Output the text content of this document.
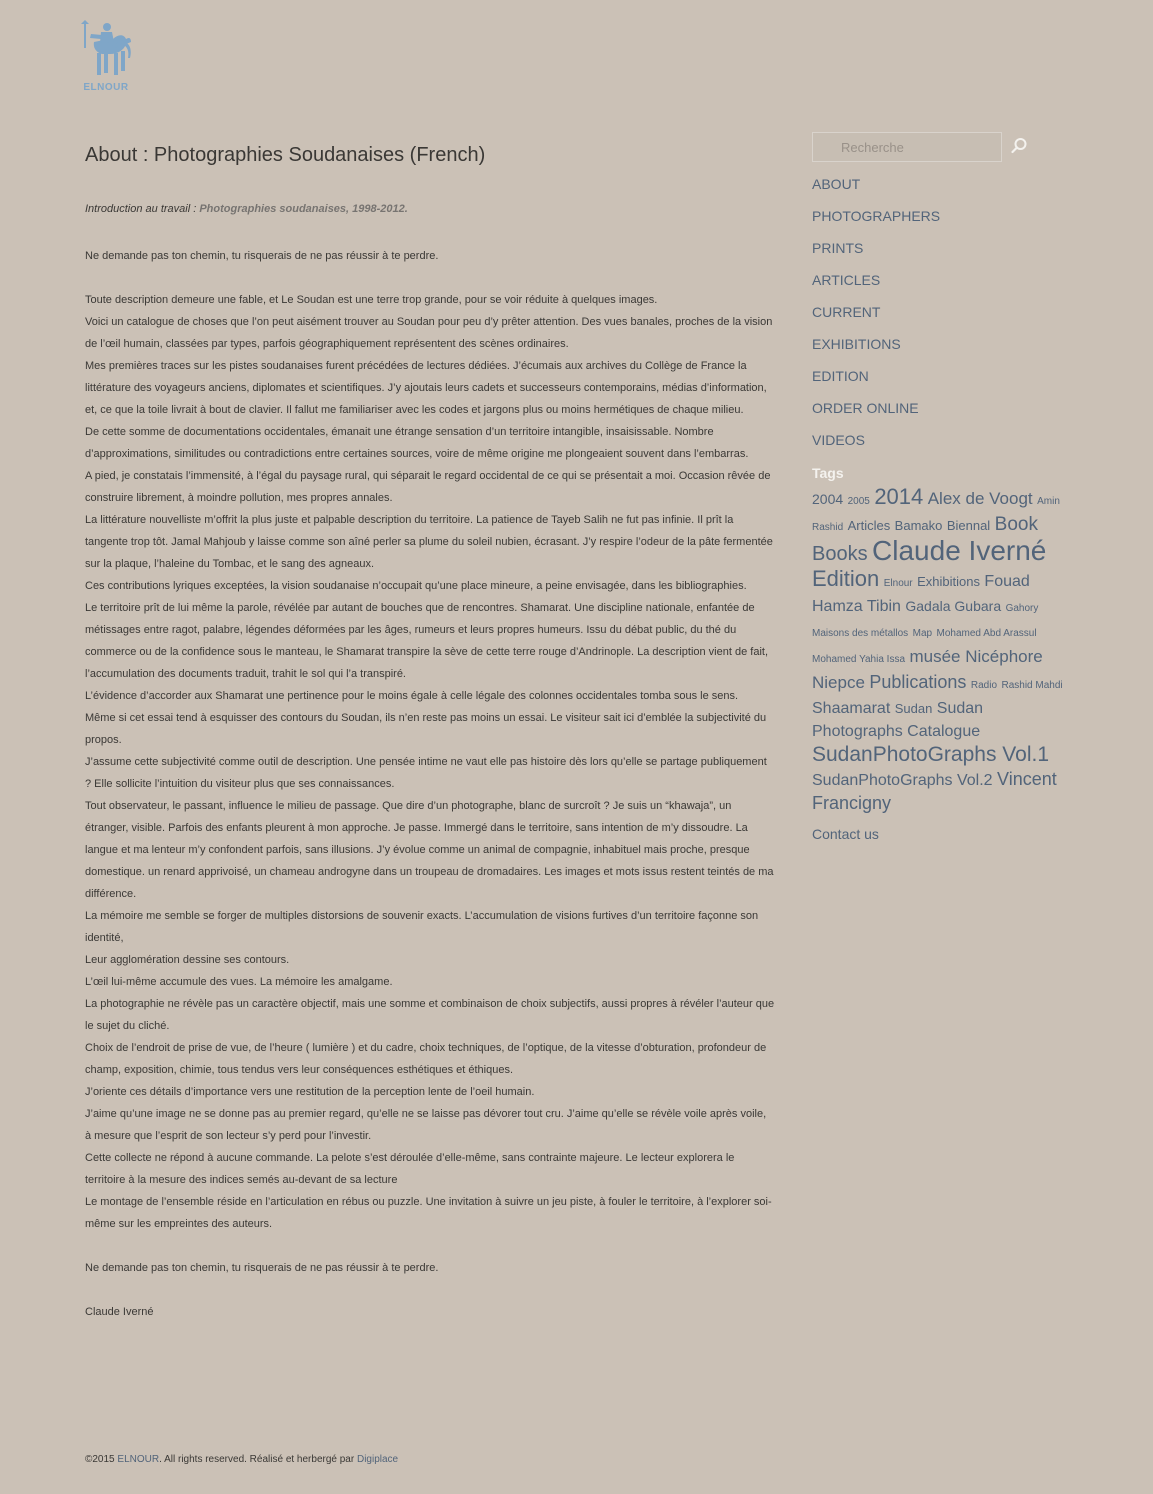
ELNOUR
About : Photographies Soudanaises (French)

Introduction au travail : Photographies soudanaises, 1998-2012.

Ne demande pas ton chemin, tu risquerais de ne pas réussir à te perdre.

Toute description demeure une fable, et Le Soudan est une terre trop grande, pour se voir réduite à quelques images.

Voici un catalogue de choses que l’on peut aisément trouver au Soudan pour peu d’y prêter attention. Des vues banales, proches de la vision de l’œil humain, classées par types, parfois géographiquement représentent des scènes ordinaires.

Mes premières traces sur les pistes soudanaises furent précédées de lectures dédiées. J’écumais aux archives du Collège de France la littérature des voyageurs anciens, diplomates et scientifiques. J’y ajoutais leurs cadets et successeurs contemporains, médias d’information, et, ce que la toile livrait à bout de clavier. Il fallut me familiariser avec les codes et jargons plus ou moins hermétiques de chaque milieu.

De cette somme de documentations occidentales, émanait une étrange sensation d’un territoire intangible, insaisissable. Nombre d’approximations, similitudes ou contradictions entre certaines sources, voire de même origine me plongeaient souvent dans l’embarras.

A pied, je constatais l’immensité, à l’égal du paysage rural, qui séparait le regard occidental de ce qui se présentait a moi. Occasion rêvée de construire librement, à moindre pollution, mes propres annales.

La littérature nouvelliste m’offrit la plus juste et palpable description du territoire. La patience de Tayeb Salih ne fut pas infinie. Il prît la tangente trop tôt. Jamal Mahjoub y laisse comme son aîné perler sa plume du soleil nubien, écrasant. J’y respire l’odeur de la pâte fermentée sur la plaque, l’haleine du Tombac, et le sang des agneaux.

Ces contributions lyriques exceptées, la vision soudanaise n’occupait qu’une place mineure, a peine envisagée, dans les bibliographies.

Le territoire prît de lui même la parole, révélée par autant de bouches que de rencontres. Shamarat. Une discipline nationale, enfantée de métissages entre ragot, palabre, légendes déformées par les âges, rumeurs et leurs propres humeurs. Issu du débat public, du thé du commerce ou de la confidence sous le manteau, le Shamarat transpire la sève de cette terre rouge d’Andrinople. La description vient de fait, l’accumulation des documents traduit, trahit le sol qui l’a transpiré.

L’évidence d’accorder aux Shamarat une pertinence pour le moins égale à celle légale des colonnes occidentales tomba sous le sens.

Même si cet essai tend à esquisser des contours du Soudan, ils n’en reste pas moins un essai. Le visiteur sait ici d’emblée la subjectivité du propos.

J’assume cette subjectivité comme outil de description. Une pensée intime ne vaut elle pas histoire dès lors qu’elle se partage publiquement ? Elle sollicite l’intuition du visiteur plus que ses connaissances.

Tout observateur, le passant, influence le milieu de passage. Que dire d’un photographe, blanc de surcroît ? Je suis un “khawaja”, un étranger, visible. Parfois des enfants pleurent à mon approche. Je passe. Immergé dans le territoire, sans intention de m’y dissoudre. La langue et ma lenteur m’y confondent parfois, sans illusions. J’y évolue comme un animal de compagnie, inhabituel mais proche, presque domestique. un renard apprivoisé, un chameau androgyne dans un troupeau de dromadaires. Les images et mots issus restent teintés de ma différence.

La mémoire me semble se forger de multiples distorsions de souvenir exacts. L’accumulation de visions furtives d’un territoire façonne son identité,

Leur agglomération dessine ses contours.

L’œil lui-même accumule des vues. La mémoire les amalgame.

La photographie ne révèle pas un caractère objectif, mais une somme et combinaison de choix subjectifs, aussi propres à révéler l’auteur que le sujet du cliché.

Choix de l’endroit de prise de vue, de l’heure ( lumière ) et du cadre, choix techniques, de l’optique, de la vitesse d’obturation, profondeur de champ, exposition, chimie, tous tendus vers leur conséquences esthétiques et éthiques.

J’oriente ces détails d’importance vers une restitution de la perception lente de l’oeil humain.

J’aime qu’une image ne se donne pas au premier regard, qu’elle ne se laisse pas dévorer tout cru. J’aime qu’elle se révèle voile après voile, à mesure que l’esprit de son lecteur s’y perd pour l’investir.

Cette collecte ne répond à aucune commande. La pelote s’est déroulée d’elle-même, sans contrainte majeure. Le lecteur explorera le territoire à la mesure des indices semés au-devant de sa lecture

Le montage de l’ensemble réside en l’articulation en rébus ou puzzle. Une invitation à suivre un jeu piste, à fouler le territoire, à l’explorer soi-même sur les empreintes des auteurs.

Ne demande pas ton chemin, tu risquerais de ne pas réussir à te perdre.

Claude Iverné

Recherche
ABOUT
PHOTOGRAPHERS
PRINTS
ARTICLES
CURRENT
EXHIBITIONS
EDITION
ORDER ONLINE
VIDEOS
Tags
2004 2005 2014 Alex de Voogt Amin Rashid Articles Bamako Biennal Book Books Claude Iverné Edition Elnour Exhibitions Fouad Hamza Tibin Gadala Gubara Gahory Maisons des métallos Map Mohamed Abd Arassul Mohamed Yahia Issa musée Nicéphore Niepce Publications Radio Rashid Mahdi Shaamarat Sudan Sudan Photographs Catalogue SudanPhotoGraphs Vol.1 SudanPhotoGraphs Vol.2 Vincent Francigny
Contact us
©2015 ELNOUR. All rights reserved. Réalisé et herbergé par Digiplace
